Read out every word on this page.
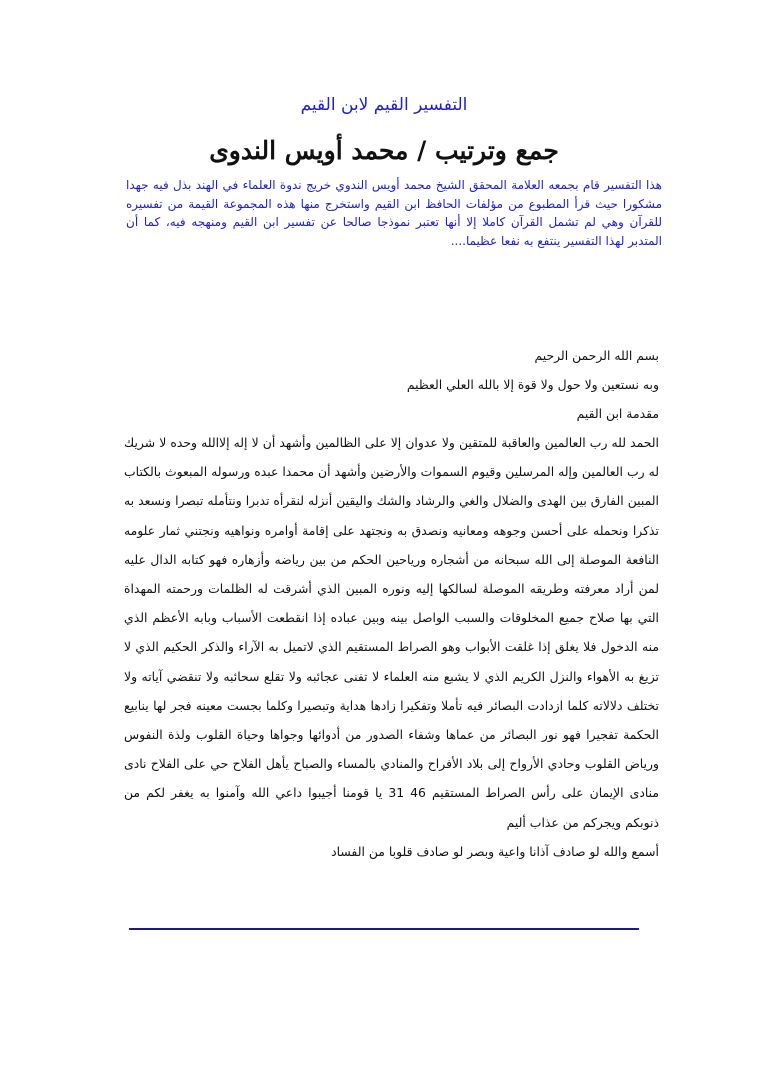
التفسير القيم لابن القيم
جمع وترتيب / محمد أويس الندوى
هذا التفسير قام بجمعه العلامة المحقق الشيخ محمد أويس الندوي خريج ندوة العلماء في الهند بذل فيه جهدا مشكورا حيث قرأ المطبوع من مؤلفات الحافظ ابن القيم واستخرج منها هذه المجموعة القيمة من تفسيره للقرآن وهي لم تشمل القرآن كاملا إلا أنها تعتبر نموذجا صالحا عن تفسير ابن القيم ومنهجه فيه، كما أن المتدبر لهذا التفسير ينتفع به نفعا عظيما....

بسم الله الرحمن الرحيم

وبه نستعين ولا حول ولا قوة إلا بالله العلي العظيم

مقدمة ابن القيم

الحمد لله رب العالمين والعاقبة للمتقين ولا عدوان إلا على الظالمين وأشهد أن لا إله إلاالله وحده لا شريك له رب العالمين وإله المرسلين وقيوم السموات والأرضين وأشهد أن محمدا عبده ورسوله المبعوث بالكتاب المبين الفارق بين الهدى والضلال والغي والرشاد والشك واليقين أنزله لنقرأه تدبرا ونتأمله تبصرا ونسعد به تذكرا ونحمله على أحسن وجوهه ومعانيه ونصدق به ونجتهد على إقامة أوامره ونواهيه ونجتني ثمار علومه النافعة الموصلة إلى الله سبحانه من أشجاره ورياحين الحكم من بين رياضه وأزهاره فهو كتابه الدال عليه لمن أراد معرفته وطريقه الموصلة لسالكها إليه ونوره المبين الذي أشرقت له الظلمات ورحمته المهداة التي بها صلاح جميع المخلوقات والسبب الواصل بينه وبين عباده إذا انقطعت الأسباب وبابه الأعظم الذي منه الدخول فلا يغلق إذا غلقت الأبواب وهو الصراط المستقيم الذي لاتميل به الآراء والذكر الحكيم الذي لا تزيغ به الأهواء والنزل الكريم الذي لا يشبع منه العلماء لا تفنى عجائبه ولا تقلع سحائبه ولا تنقضي آياته ولا تختلف دلالاته كلما ازدادت البصائر فيه تأملا وتفكيرا زادها هداية وتبصيرا وكلما بجست معينه فجر لها ينابيع الحكمة تفجيرا فهو نور البصائر من عماها وشفاء الصدور من أدوائها وجواها وحياة القلوب ولذة النفوس ورياض القلوب وحادي الأرواح إلى بلاد الأفراح والمنادي بالمساء والصباح يأهل الفلاح حي على الفلاح نادى منادى الإيمان على رأس الصراط المستقيم 46 31 يا قومنا أجيبوا داعي الله وآمنوا به يغفر لكم من ذنوبكم ويجركم من عذاب أليم

أسمع والله لو صادف آذانا واعية وبصر لو صادف قلوبا من الفساد
